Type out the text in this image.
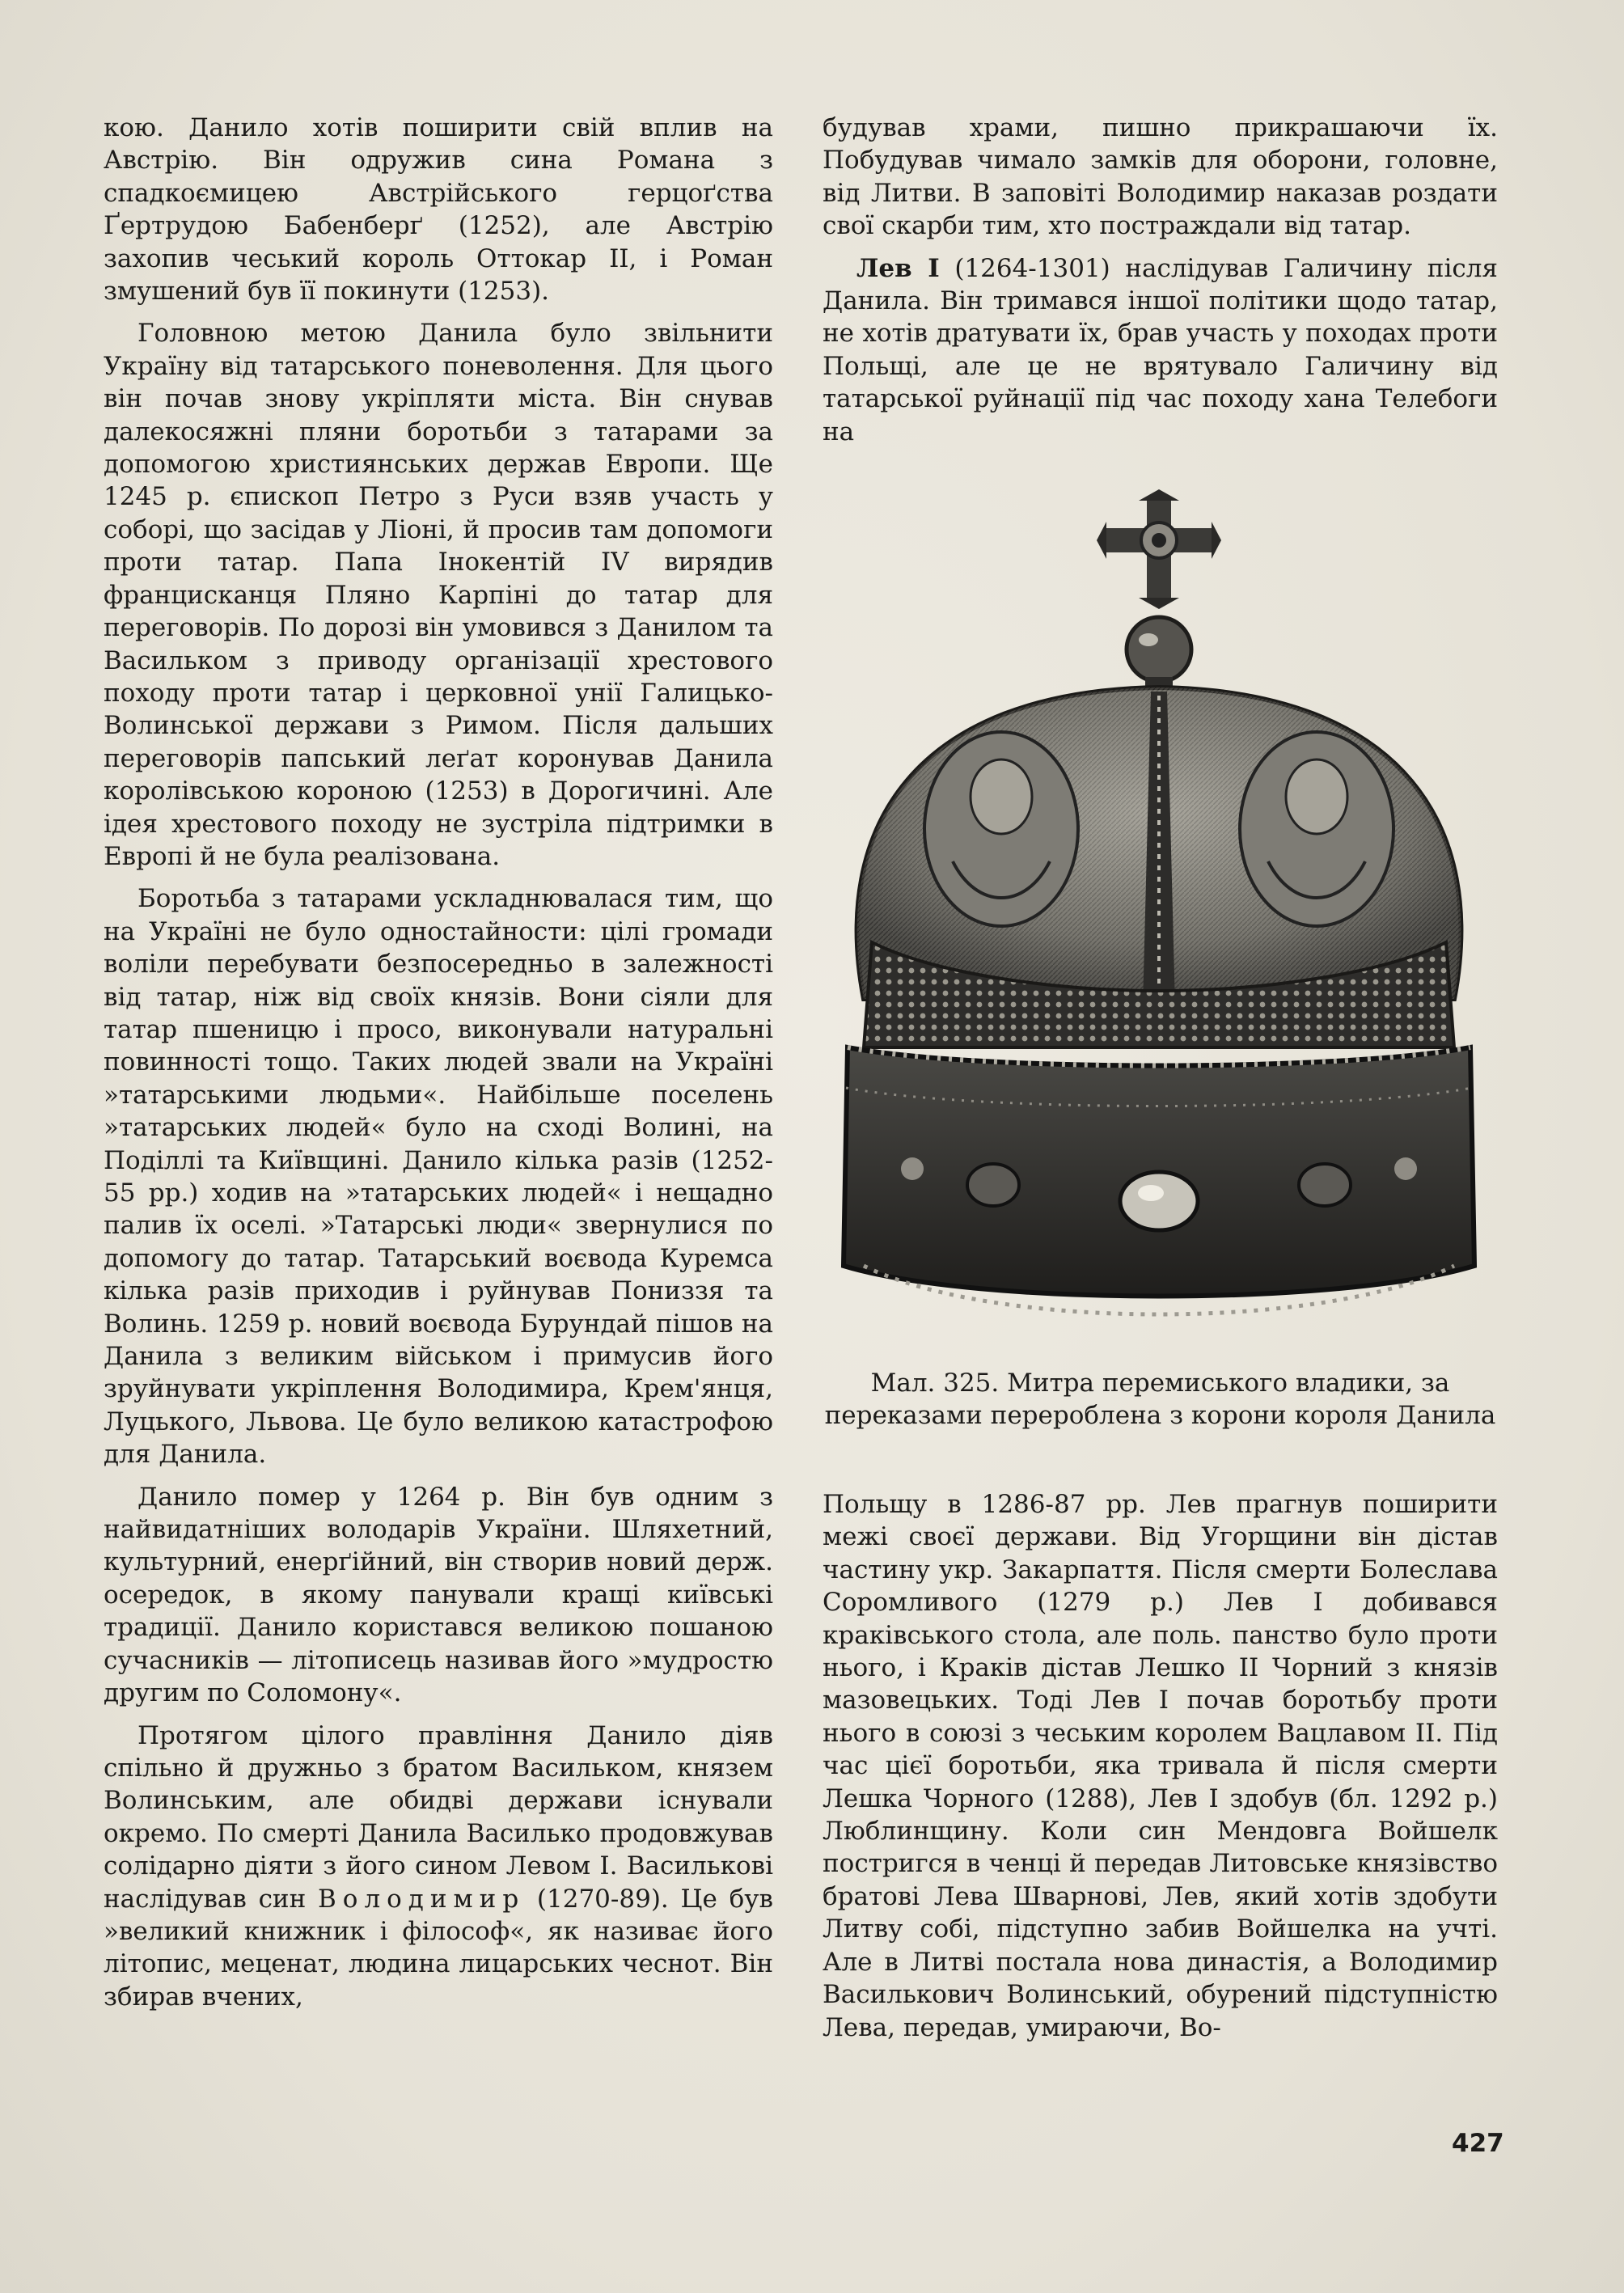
кою. Данило хотів поширити свій вплив на Австрію. Він одружив сина Романа з спадкоємицею Австрійського герцоґства Ґертрудою Бабенберґ (1252), але Австрію захопив чеський король Оттокар II, і Роман змушений був її покинути (1253).

Головною метою Данила було звільнити Україну від татарського поневолення. Для цього він почав знову укріпляти міста. Він снував далекосяжні пляни боротьби з татарами за допомогою християнських держав Европи. Ще 1245 р. єпископ Петро з Руси взяв участь у соборі, що засідав у Ліоні, й просив там допомоги проти татар. Папа Інокентій IV вирядив францисканця Пляно Карпіні до татар для переговорів. По дорозі він умовився з Данилом та Васильком з приводу організації хрестового походу проти татар і церковної унії Галицько-Волинської держави з Римом. Після дальших переговорів папський леґат коронував Данила королівською короною (1253) в Дорогичині. Але ідея хрестового походу не зустріла підтримки в Европі й не була реалізована.

Боротьба з татарами ускладнювалася тим, що на Україні не було одностайности: цілі громади воліли перебувати безпосередньо в залежності від татар, ніж від своїх князів. Вони сіяли для татар пшеницю і просо, виконували натуральні повинності тощо. Таких людей звали на Україні »татарськими людьми«. Найбільше поселень »татарських людей« було на сході Волині, на Поділлі та Київщині. Данило кілька разів (1252-55 рр.) ходив на »татарських людей« і нещадно палив їх оселі. »Татарські люди« звернулися по допомогу до татар. Татарський воєвода Куремса кілька разів приходив і руйнував Пониззя та Волинь. 1259 р. новий воєвода Бурундай пішов на Данила з великим військом і примусив його зруйнувати укріплення Володимира, Крем'янця, Луцького, Львова. Це було великою катастрофою для Данила.

Данило помер у 1264 р. Він був одним з найвидатніших володарів України. Шляхетний, культурний, енерґійний, він створив новий держ. осередок, в якому панували кращі київські традиції. Данило користався великою пошаною сучасників — літописець називав його »мудростю другим по Соломону«.

Протягом цілого правління Данило діяв спільно й дружньо з братом Васильком, князем Волинським, але обидві держави існували окремо. По смерті Данила Василько продовжував солідарно діяти з його сином Левом I. Василькові наслідував син Володимир (1270-89). Це був »великий книжник і філософ«, як називає його літопис, меценат, людина лицарських чеснот. Він збирав вчених,

будував храми, пишно прикрашаючи їх. Побудував чимало замків для оборони, головне, від Литви. В заповіті Володимир наказав роздати свої скарби тим, хто постраждали від татар.

Лев I (1264-1301) наслідував Галичину після Данила. Він тримався іншої політики щодо татар, не хотів дратувати їх, брав участь у походах проти Польщі, але це не врятувало Галичину від татарської руйнації під час походу хана Телебоги на

Мал. 325. Митра перемиського владики, за переказами перероблена з корони короля Данила

Польщу в 1286-87 рр. Лев прагнув поширити межі своєї держави. Від Угорщини він дістав частину укр. Закарпаття. Після смерти Болеслава Соромливого (1279 р.) Лев I добивався краківського стола, але поль. панство було проти нього, і Краків дістав Лешко II Чорний з князів мазовецьких. Тоді Лев I почав боротьбу проти нього в союзі з чеським королем Вацлавом II. Під час цієї боротьби, яка тривала й після смерти Лешка Чорного (1288), Лев I здобув (бл. 1292 р.) Люблинщину. Коли син Мендовга Войшелк постригся в ченці й передав Литовське князівство братові Лева Шварнові, Лев, який хотів здобути Литву собі, підступно забив Войшелка на учті. Але в Литві постала нова династія, а Володимир Василькович Волинський, обурений підступністю Лева, передав, умираючи, Во-

427
